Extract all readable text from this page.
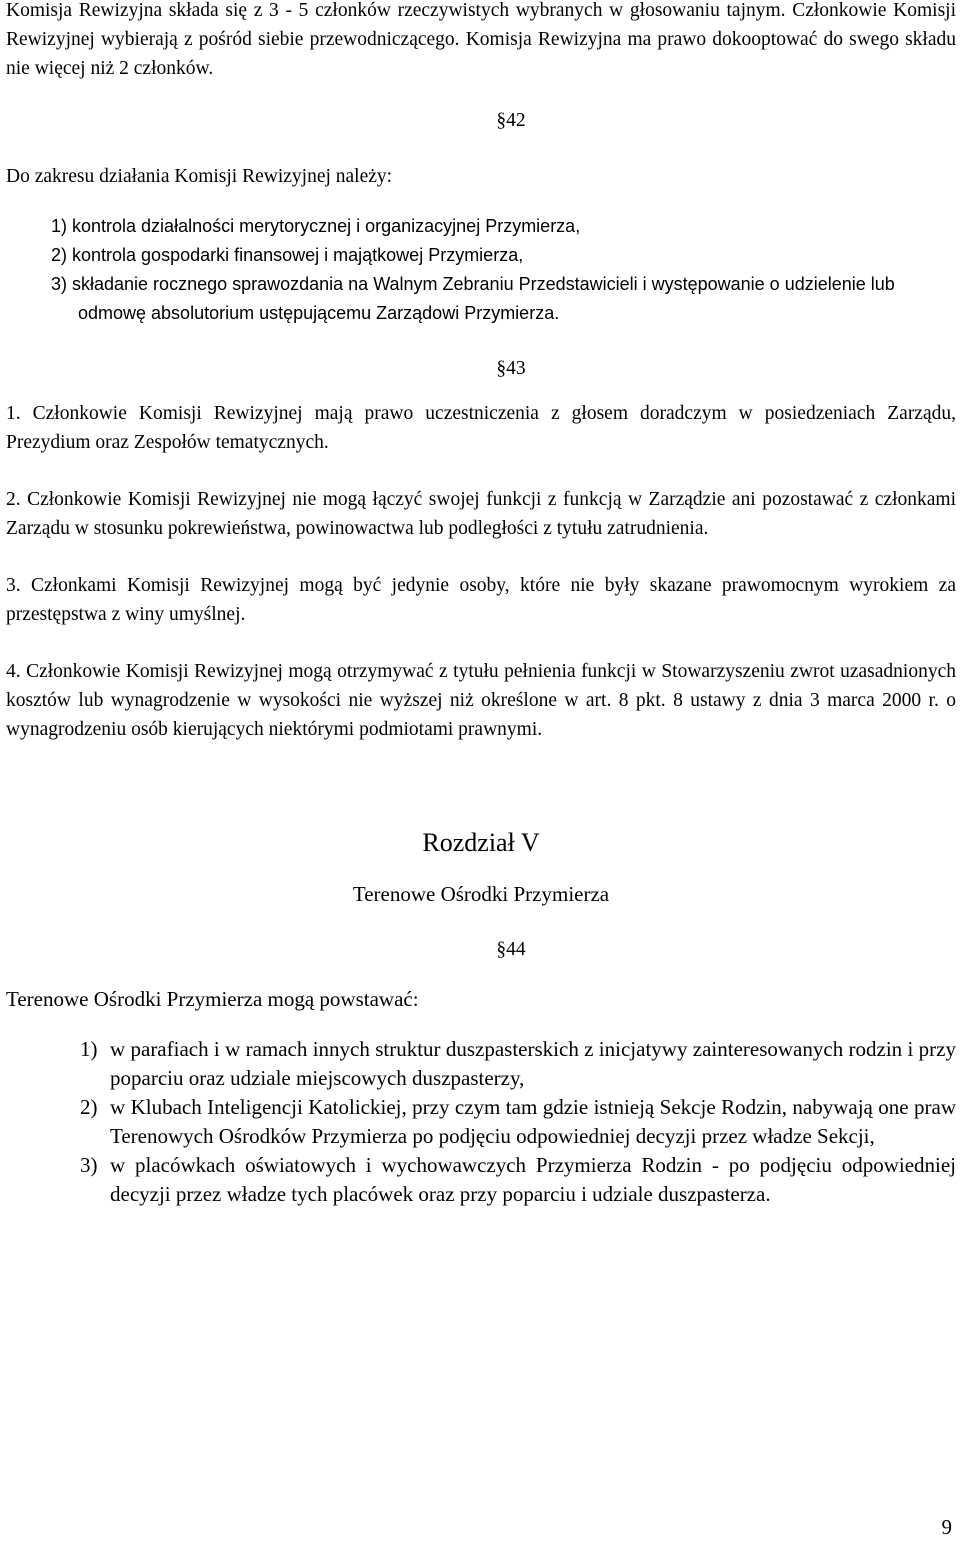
Komisja Rewizyjna składa się z 3 - 5 członków rzeczywistych wybranych w głosowaniu tajnym. Członkowie Komisji Rewizyjnej wybierają z pośród siebie przewodniczącego. Komisja Rewizyjna ma prawo dokooptować do swego składu nie więcej niż 2 członków.

§42

Do zakresu działania Komisji Rewizyjnej należy:

1) kontrola działalności merytorycznej i organizacyjnej Przymierza,
2) kontrola gospodarki finansowej i majątkowej Przymierza,
3) składanie rocznego sprawozdania na Walnym Zebraniu Przedstawicieli i występowanie o udzielenie lub odmowę absolutorium ustępującemu Zarządowi Przymierza.

§43

1. Członkowie Komisji Rewizyjnej mają prawo uczestniczenia z głosem doradczym w posiedzeniach Zarządu, Prezydium oraz Zespołów tematycznych.

2. Członkowie Komisji Rewizyjnej nie mogą łączyć swojej funkcji z funkcją w Zarządzie ani pozostawać z członkami Zarządu w stosunku pokrewieństwa, powinowactwa lub podległości z tytułu zatrudnienia.

3. Członkami Komisji Rewizyjnej mogą być jedynie osoby, które nie były skazane prawomocnym wyrokiem za przestępstwa z winy umyślnej.

4. Członkowie Komisji Rewizyjnej mogą otrzymywać z tytułu pełnienia funkcji w Stowarzyszeniu zwrot uzasadnionych kosztów lub wynagrodzenie w wysokości nie wyższej niż określone w art. 8 pkt. 8 ustawy z dnia 3 marca 2000 r. o wynagrodzeniu osób kierujących niektórymi podmiotami prawnymi.

Rozdział V

Terenowe Ośrodki Przymierza

§44

Terenowe Ośrodki Przymierza mogą powstawać:

1) w parafiach i w ramach innych struktur duszpasterskich z inicjatywy zainteresowanych rodzin i przy poparciu oraz udziale miejscowych duszpasterzy,
2) w Klubach Inteligencji Katolickiej, przy czym tam gdzie istnieją Sekcje Rodzin, nabywają one praw Terenowych Ośrodków Przymierza po podjęciu odpowiedniej decyzji przez władze Sekcji,
3) w placówkach oświatowych i wychowawczych Przymierza Rodzin - po podjęciu odpowiedniej decyzji przez władze tych placówek oraz przy poparciu i udziale duszpasterza.
9
